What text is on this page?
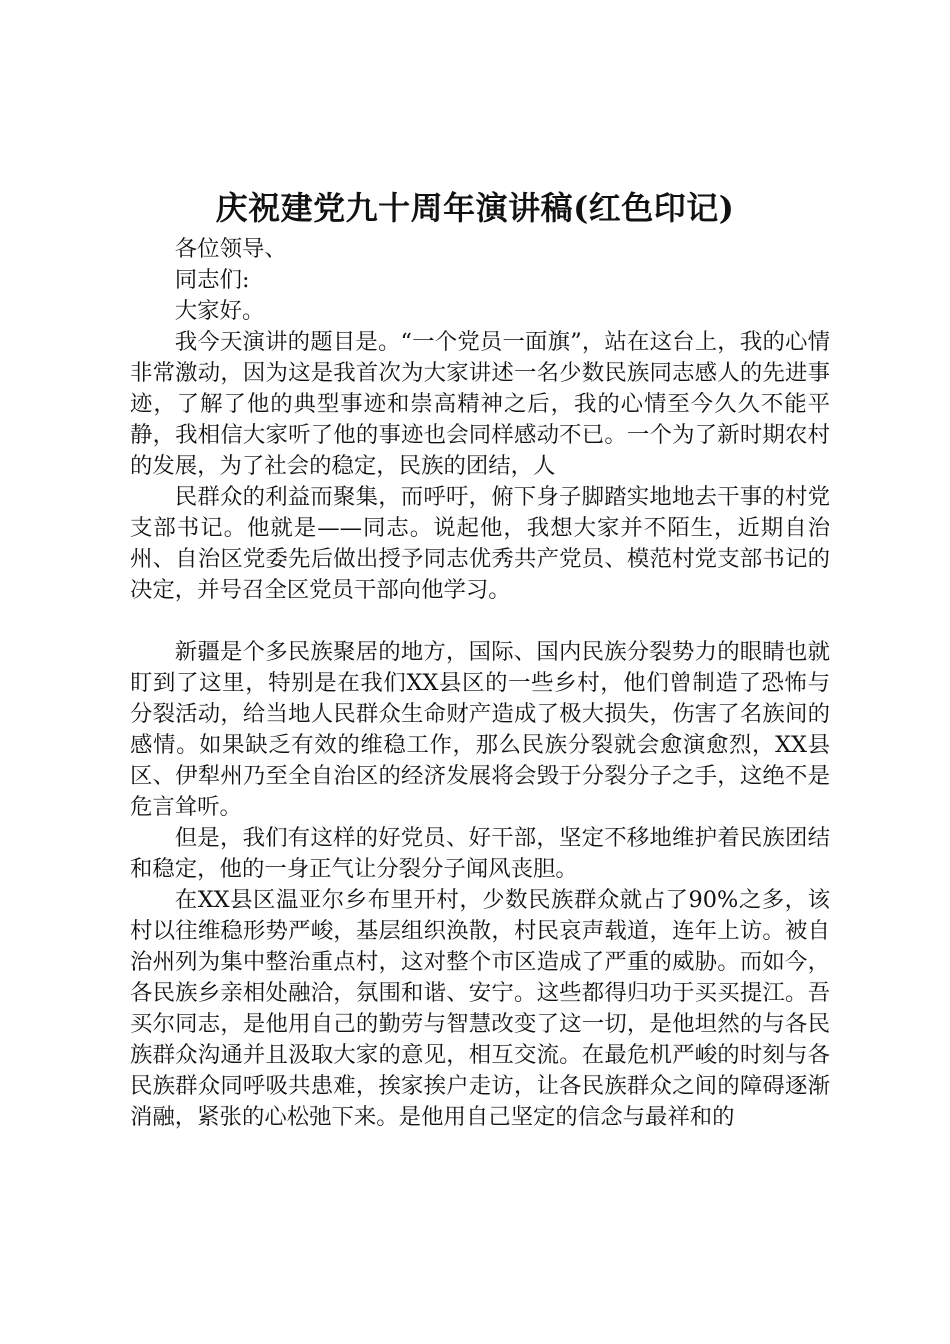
庆祝建党九十周年演讲稿(红色印记)

各位领导、

同志们:

大家好。

我今天演讲的题目是。“一个党员一面旗”，站在这台上，我的心情非常激动，因为这是我首次为大家讲述一名少数民族同志感人的先进事迹，了解了他的典型事迹和崇高精神之后，我的心情至今久久不能平静，我相信大家听了他的事迹也会同样感动不已。一个为了新时期农村的发展，为了社会的稳定，民族的团结，人

民群众的利益而聚集，而呼吁，俯下身子脚踏实地地去干事的村党支部书记。他就是——同志。说起他，我想大家并不陌生，近期自治州、自治区党委先后做出授予同志优秀共产党员、模范村党支部书记的决定，并号召全区党员干部向他学习。

新疆是个多民族聚居的地方，国际、国内民族分裂势力的眼睛也就盯到了这里，特别是在我们XX县区的一些乡村，他们曾制造了恐怖与分裂活动，给当地人民群众生命财产造成了极大损失，伤害了名族间的感情。如果缺乏有效的维稳工作，那么民族分裂就会愈演愈烈，XX县区、伊犁州乃至全自治区的经济发展将会毁于分裂分子之手，这绝不是危言耸听。

但是，我们有这样的好党员、好干部，坚定不移地维护着民族团结和稳定，他的一身正气让分裂分子闻风丧胆。

在XX县区温亚尔乡布里开村，少数民族群众就占了90%之多，该村以往维稳形势严峻，基层组织涣散，村民哀声载道，连年上访。被自治州列为集中整治重点村，这对整个市区造成了严重的威胁。而如今，各民族乡亲相处融洽，氛围和谐、安宁。这些都得归功于买买提江。吾买尔同志，是他用自己的勤劳与智慧改变了这一切，是他坦然的与各民族群众沟通并且汲取大家的意见，相互交流。在最危机严峻的时刻与各民族群众同呼吸共患难，挨家挨户走访，让各民族群众之间的障碍逐渐消融，紧张的心松弛下来。是他用自己坚定的信念与最祥和的
